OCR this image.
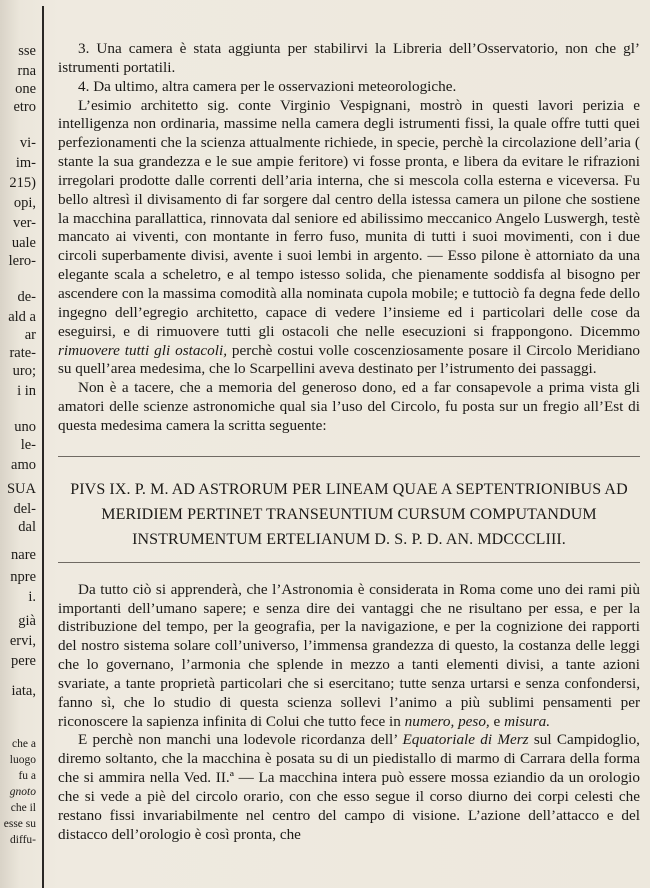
sse
rna
one
etro
vi-
im-
215)
opi,
ver-
uale
lero-
de-
ald a
ar
rate-
uro;
i in
uno
le-
amo
SUA
del-
dal
nare
npre
i.
già
ervi,
pere
iata,
che a
luogo
fu a
gnoto
che il
esse su
diffu-

3. Una camera è stata aggiunta per stabilirvi la Libreria dell’Osservatorio, non che gl’ istrumenti portatili.

4. Da ultimo, altra camera per le osservazioni meteorologiche.

L’esimio architetto sig. conte Virginio Vespignani, mostrò in questi lavori perizia e intelligenza non ordinaria, massime nella camera degli istrumenti fissi, la quale offre tutti quei perfezionamenti che la scienza attualmente richiede, in specie, perchè la circolazione dell’aria ( stante la sua grandezza e le sue ampie feritore) vi fosse pronta, e libera da evitare le rifrazioni irregolari prodotte dalle correnti dell’aria interna, che si mescola colla esterna e viceversa. Fu bello altresì il divisamento di far sorgere dal centro della istessa camera un pilone che sostiene la macchina parallattica, rinnovata dal seniore ed abilissimo meccanico Angelo Luswergh, testè mancato ai viventi, con montante in ferro fuso, munita di tutti i suoi movimenti, con i due circoli superbamente divisi, avente i suoi lembi in argento. — Esso pilone è attorniato da una elegante scala a scheletro, e al tempo istesso solida, che pienamente soddisfa al bisogno per ascendere con la massima comodità alla nominata cupola mobile; e tuttociò fa degna fede dello ingegno dell’egregio architetto, capace di vedere l’insieme ed i particolari delle cose da eseguirsi, e di rimuovere tutti gli ostacoli che nelle esecuzioni si frappongono. Dicemmo rimuovere tutti gli ostacoli, perchè costui volle coscenziosamente posare il Circolo Meridiano su quell’area medesima, che lo Scarpellini aveva destinato per l’istrumento dei passaggi.

Non è a tacere, che a memoria del generoso dono, ed a far consapevole a prima vista gli amatori delle scienze astronomiche qual sia l’uso del Circolo, fu posta sur un fregio all’Est di questa medesima camera la scritta seguente:

PIVS IX. P. M. AD ASTRORUM PER LINEAM QUAE A SEPTENTRIONIBUS AD MERIDIEM PERTINET TRANSEUNTIUM CURSUM COMPUTANDUM INSTRUMENTUM ERTELIANUM D. S. P. D. AN. MDCCCLIII.

Da tutto ciò si apprenderà, che l’Astronomia è considerata in Roma come uno dei rami più importanti dell’umano sapere; e senza dire dei vantaggi che ne risultano per essa, e per la distribuzione del tempo, per la geografia, per la navigazione, e per la cognizione dei rapporti del nostro sistema solare coll’universo, l’immensa grandezza di questo, la costanza delle leggi che lo governano, l’armonia che splende in mezzo a tanti elementi divisi, a tante azioni svariate, a tante proprietà particolari che si esercitano; tutte senza urtarsi e senza confondersi, fanno sì, che lo studio di questa scienza sollevi l’animo a più sublimi pensamenti per riconoscere la sapienza infinita di Colui che tutto fece in numero, peso, e misura.

E perchè non manchi una lodevole ricordanza dell’ Equatoriale di Merz sul Campidoglio, diremo soltanto, che la macchina è posata su di un piedistallo di marmo di Carrara della forma che si ammira nella Ved. II.ª — La macchina intera può essere mossa eziandio da un orologio che si vede a piè del circolo orario, con che esso segue il corso diurno dei corpi celesti che restano fissi invariabilmente nel centro del campo di visione. L’azione dell’attacco e del distacco dell’orologio è così pronta, che
